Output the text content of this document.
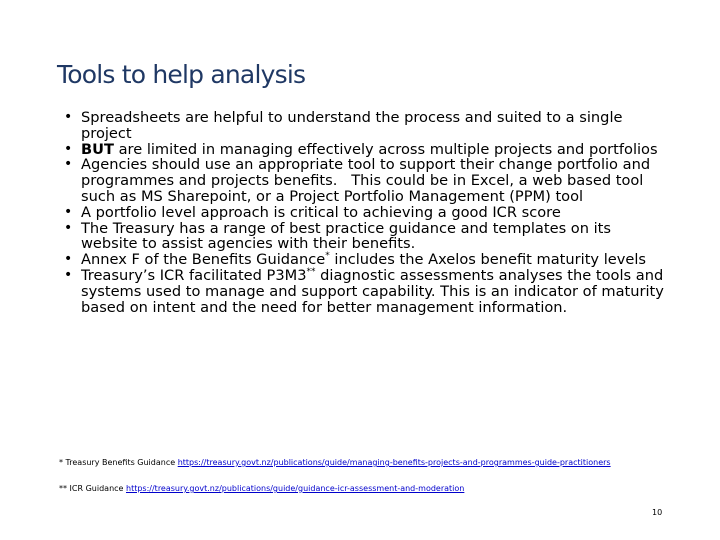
Tools to help analysis
• Spreadsheets are helpful to understand the process and suited to a single project
• BUT are limited in managing effectively across multiple projects and portfolios
• Agencies should use an appropriate tool to support their change portfolio and programmes and projects benefits.   This could be in Excel, a web based tool such as MS Sharepoint, or a Project Portfolio Management (PPM) tool
• A portfolio level approach is critical to achieving a good ICR score
• The Treasury has a range of best practice guidance and templates on its website to assist agencies with their benefits.
• Annex F of the Benefits Guidance* includes the Axelos benefit maturity levels
• Treasury’s ICR facilitated P3M3** diagnostic assessments analyses the tools and systems used to manage and support capability. This is an indicator of maturity based on intent and the need for better management information.
* Treasury Benefits Guidance https://treasury.govt.nz/publications/guide/managing-benefits-projects-and-programmes-guide-practitioners
** ICR Guidance https://treasury.govt.nz/publications/guide/guidance-icr-assessment-and-moderation
10
